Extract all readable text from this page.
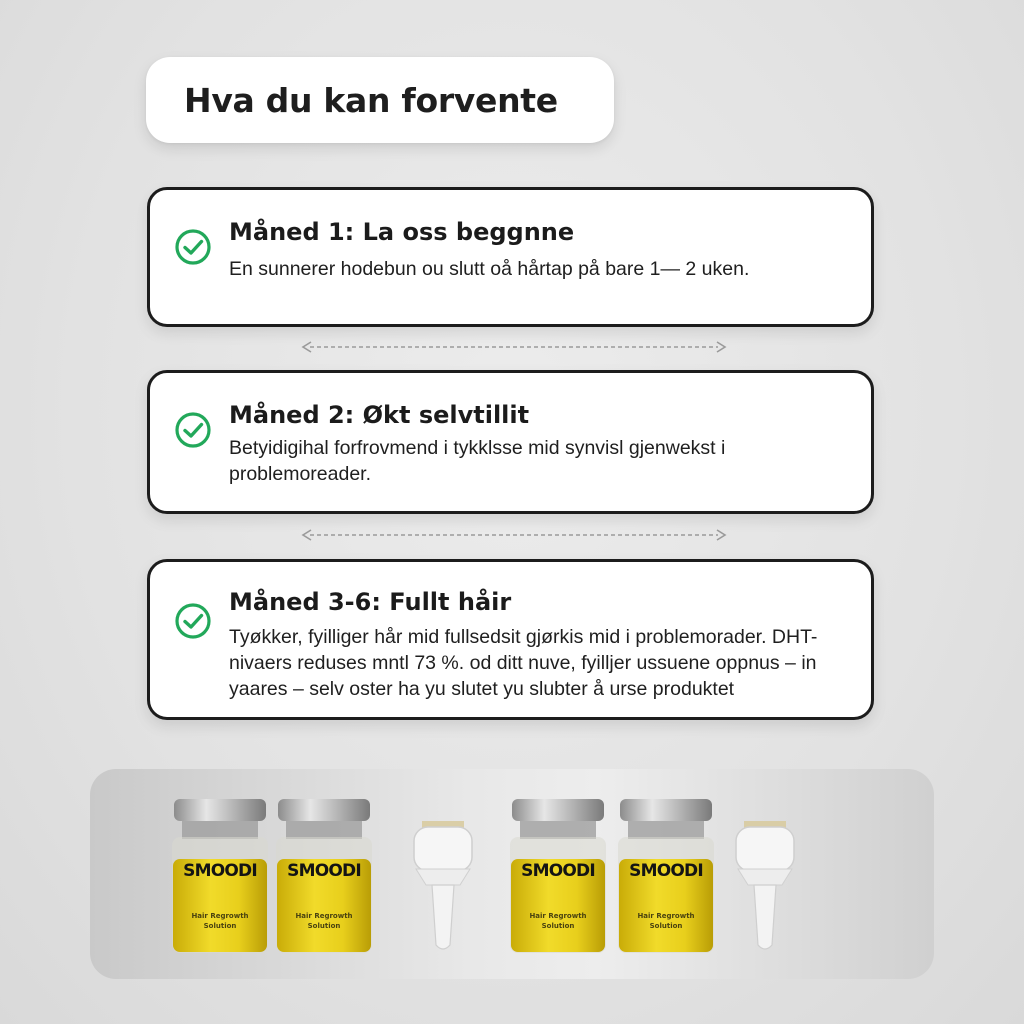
Hva du kan forvente
Måned 1: La oss beggnne
En sunnerer hodebun ou slutt oå hårtap på bare 1— 2 uken.
Måned 2: Økt selvtillit
Betyidigihal forfrovmend i tykklsse mid synvisl gjenwekst i problemoreader.
Måned 3-6: Fullt håir
Tyøkker, fyilliger hår mid fullsedsit gjørkis mid i problemorader. DHT-nivaers reduses mntl 73 %. od ditt nuve, fyilljer ussuene oppnus – in yaares – selv oster ha yu slutet yu slubter å urse produktet
SMOODI
Hair Regrowth
Solution
SMOODI
Hair Regrowth
Solution
SMOODI
Hair Regrowth
Solution
SMOODI
Hair Regrowth
Solution
